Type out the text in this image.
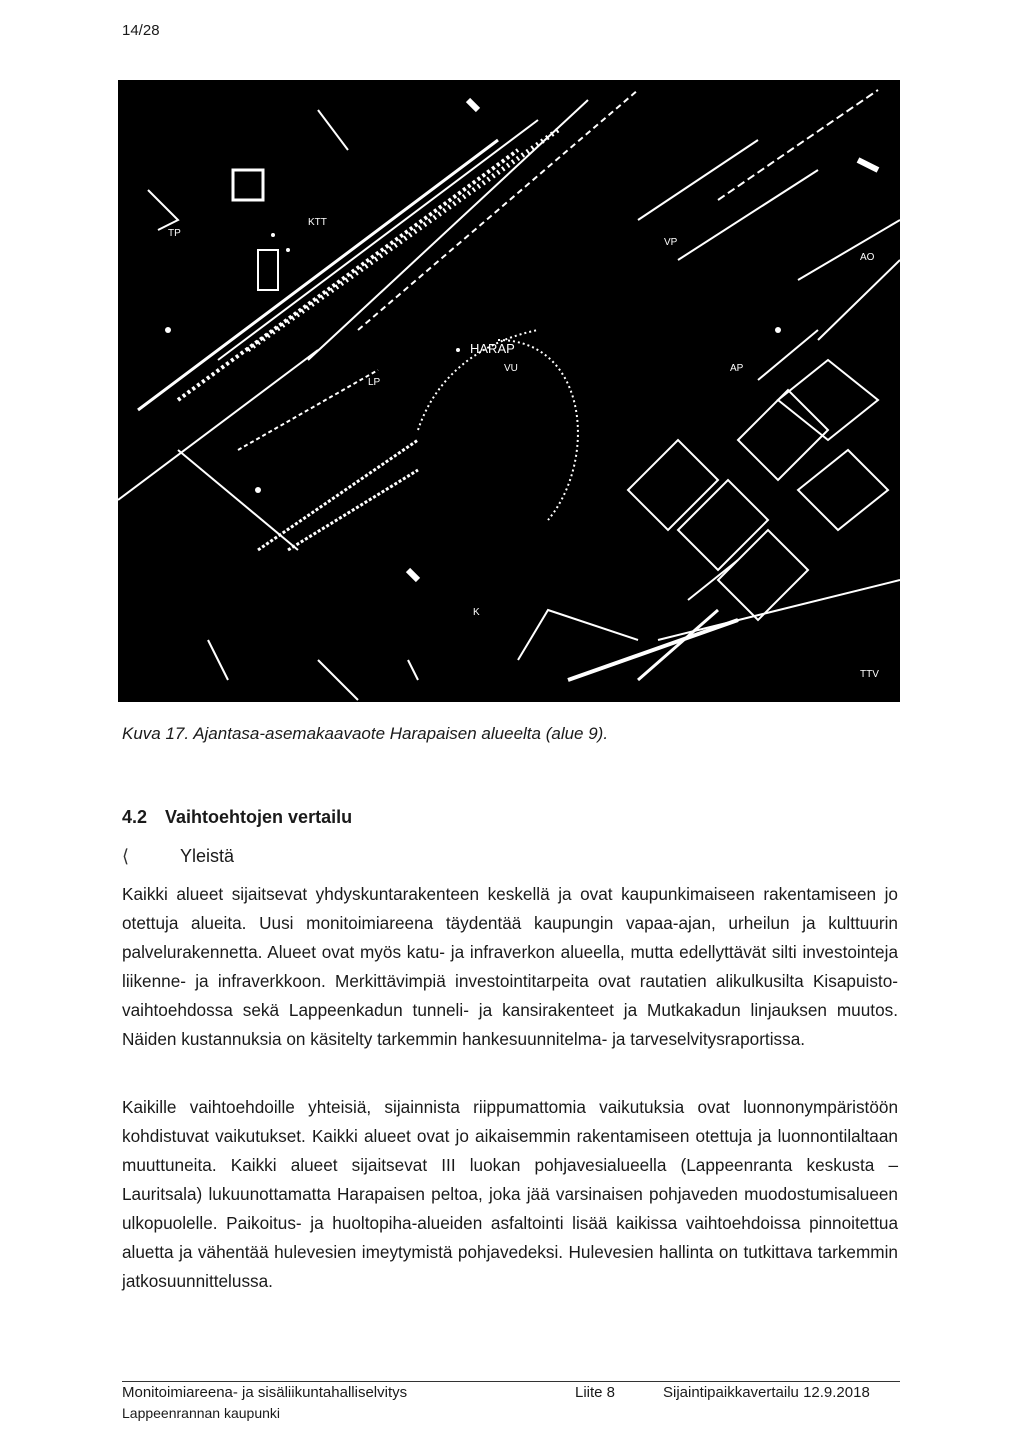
14/28
TP
KTT
VP
AO
HARAP
VU
LP
AP
K
TTV
Kuva 17. Ajantasa-asemakaavaote Harapaisen alueelta (alue 9).
4.2 Vaihtoehtojen vertailu
⟨	Yleistä

Kaikki alueet sijaitsevat yhdyskuntarakenteen keskellä ja ovat kaupunkimaiseen rakentamiseen jo otettuja alueita. Uusi monitoimiareena täydentää kaupungin vapaa-ajan, urheilun ja kulttuurin palvelurakennetta. Alueet ovat myös katu- ja infraverkon alueella, mutta edellyttävät silti investointeja liikenne- ja infraverkkoon. Merkittävimpiä investointitarpeita ovat rautatien alikulkusilta Kisapuisto-vaihtoehdossa sekä Lappeenkadun tunneli- ja kansirakenteet ja Mutkakadun linjauksen muutos. Näiden kustannuksia on käsitelty tarkemmin hankesuunnitelma- ja tarveselvitysraportissa.

Kaikille vaihtoehdoille yhteisiä, sijainnista riippumattomia vaikutuksia ovat luonnonympäristöön kohdistuvat vaikutukset. Kaikki alueet ovat jo aikaisemmin rakentamiseen otettuja ja luonnontilaltaan muuttuneita. Kaikki alueet sijaitsevat III luokan pohjavesialueella (Lappeenranta keskusta – Lauritsala) lukuunottamatta Harapaisen peltoa, joka jää varsinaisen pohjaveden muodostumisalueen ulkopuolelle. Paikoitus- ja huoltopiha-alueiden asfaltointi lisää kaikissa vaihtoehdoissa pinnoitettua aluetta ja vähentää hulevesien imeytymistä pohjavedeksi. Hulevesien hallinta on tutkittava tarkemmin jatkosuunnittelussa.

Monitoimiareena- ja sisäliikuntahalliselvitys
Lappeenrannan kaupunki
Liite 8	Sijaintipaikkavertailu 12.9.2018
